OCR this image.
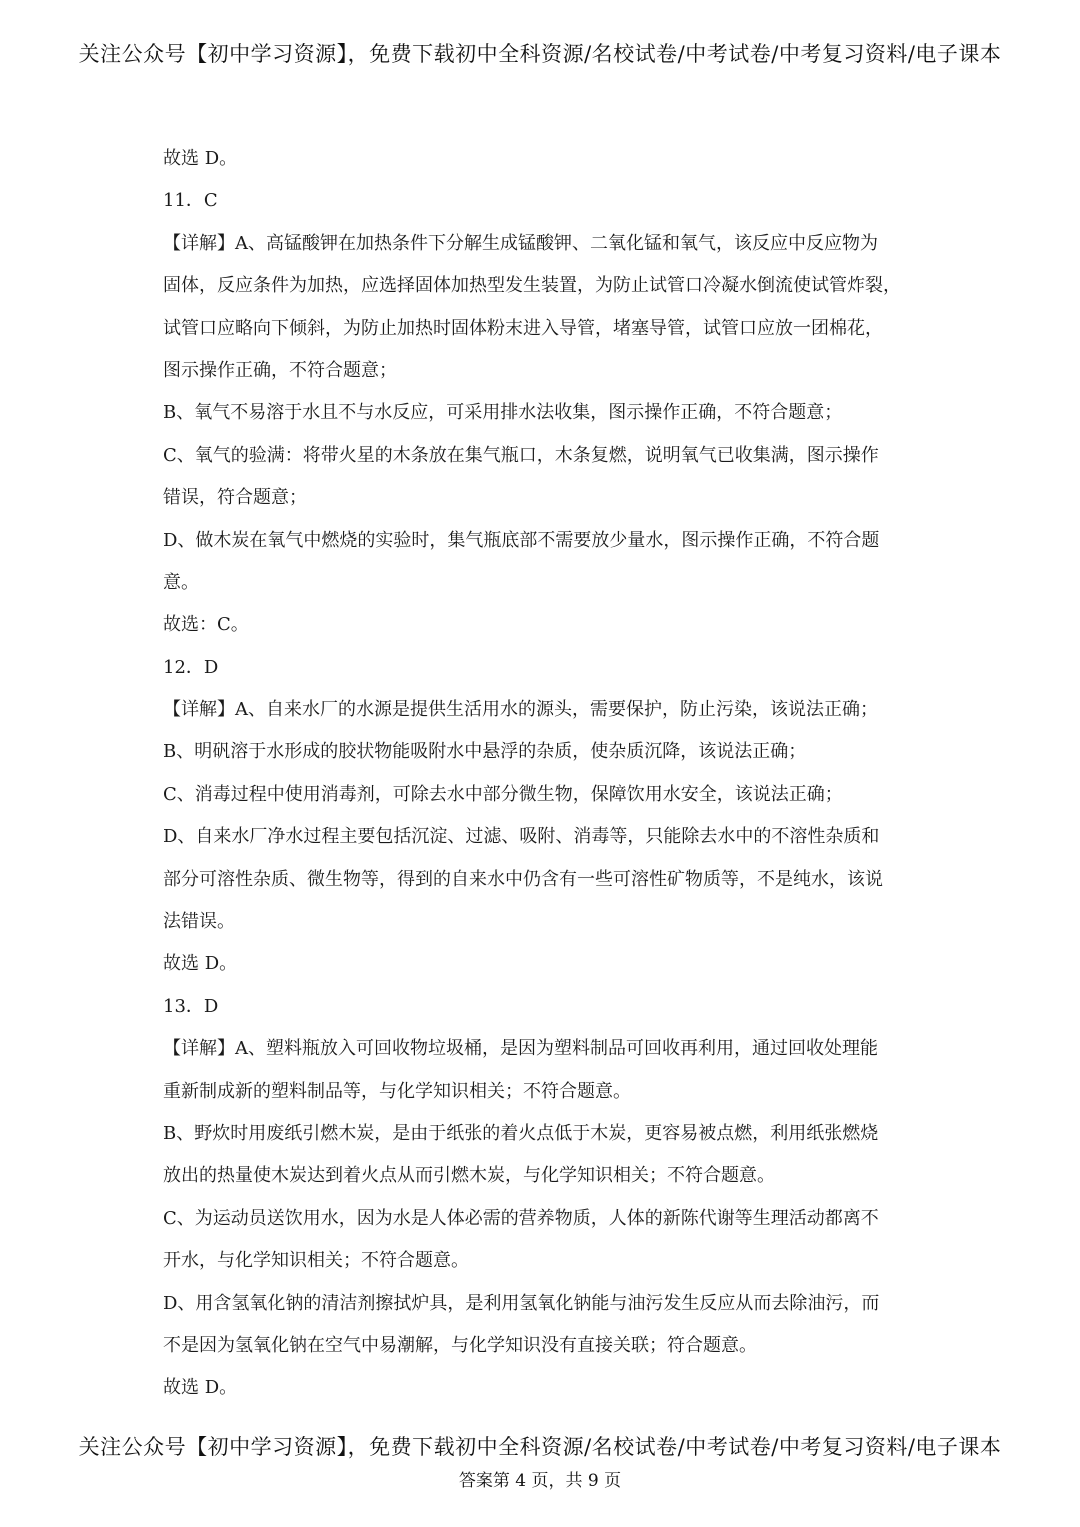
关注公众号【初中学习资源】，免费下载初中全科资源/名校试卷/中考试卷/中考复习资料/电子课本
故选 D。
11．C
【详解】A、高锰酸钾在加热条件下分解生成锰酸钾、二氧化锰和氧气，该反应中反应物为
固体，反应条件为加热，应选择固体加热型发生装置，为防止试管口冷凝水倒流使试管炸裂，
试管口应略向下倾斜，为防止加热时固体粉末进入导管，堵塞导管，试管口应放一团棉花，
图示操作正确，不符合题意；
B、氧气不易溶于水且不与水反应，可采用排水法收集，图示操作正确，不符合题意；
C、氧气的验满：将带火星的木条放在集气瓶口，木条复燃，说明氧气已收集满，图示操作
错误，符合题意；
D、做木炭在氧气中燃烧的实验时，集气瓶底部不需要放少量水，图示操作正确，不符合题
意。
故选：C。
12．D
【详解】A、自来水厂的水源是提供生活用水的源头，需要保护，防止污染，该说法正确；
B、明矾溶于水形成的胶状物能吸附水中悬浮的杂质，使杂质沉降，该说法正确；
C、消毒过程中使用消毒剂，可除去水中部分微生物，保障饮用水安全，该说法正确；
D、自来水厂净水过程主要包括沉淀、过滤、吸附、消毒等，只能除去水中的不溶性杂质和
部分可溶性杂质、微生物等，得到的自来水中仍含有一些可溶性矿物质等，不是纯水，该说
法错误。
故选 D。
13．D
【详解】A、塑料瓶放入可回收物垃圾桶，是因为塑料制品可回收再利用，通过回收处理能
重新制成新的塑料制品等，与化学知识相关；不符合题意。
B、野炊时用废纸引燃木炭，是由于纸张的着火点低于木炭，更容易被点燃，利用纸张燃烧
放出的热量使木炭达到着火点从而引燃木炭，与化学知识相关；不符合题意。
C、为运动员送饮用水，因为水是人体必需的营养物质，人体的新陈代谢等生理活动都离不
开水，与化学知识相关；不符合题意。
D、用含氢氧化钠的清洁剂擦拭炉具，是利用氢氧化钠能与油污发生反应从而去除油污，而
不是因为氢氧化钠在空气中易潮解，与化学知识没有直接关联；符合题意。
故选 D。
关注公众号【初中学习资源】，免费下载初中全科资源/名校试卷/中考试卷/中考复习资料/电子课本
答案第 4 页，共 9 页
